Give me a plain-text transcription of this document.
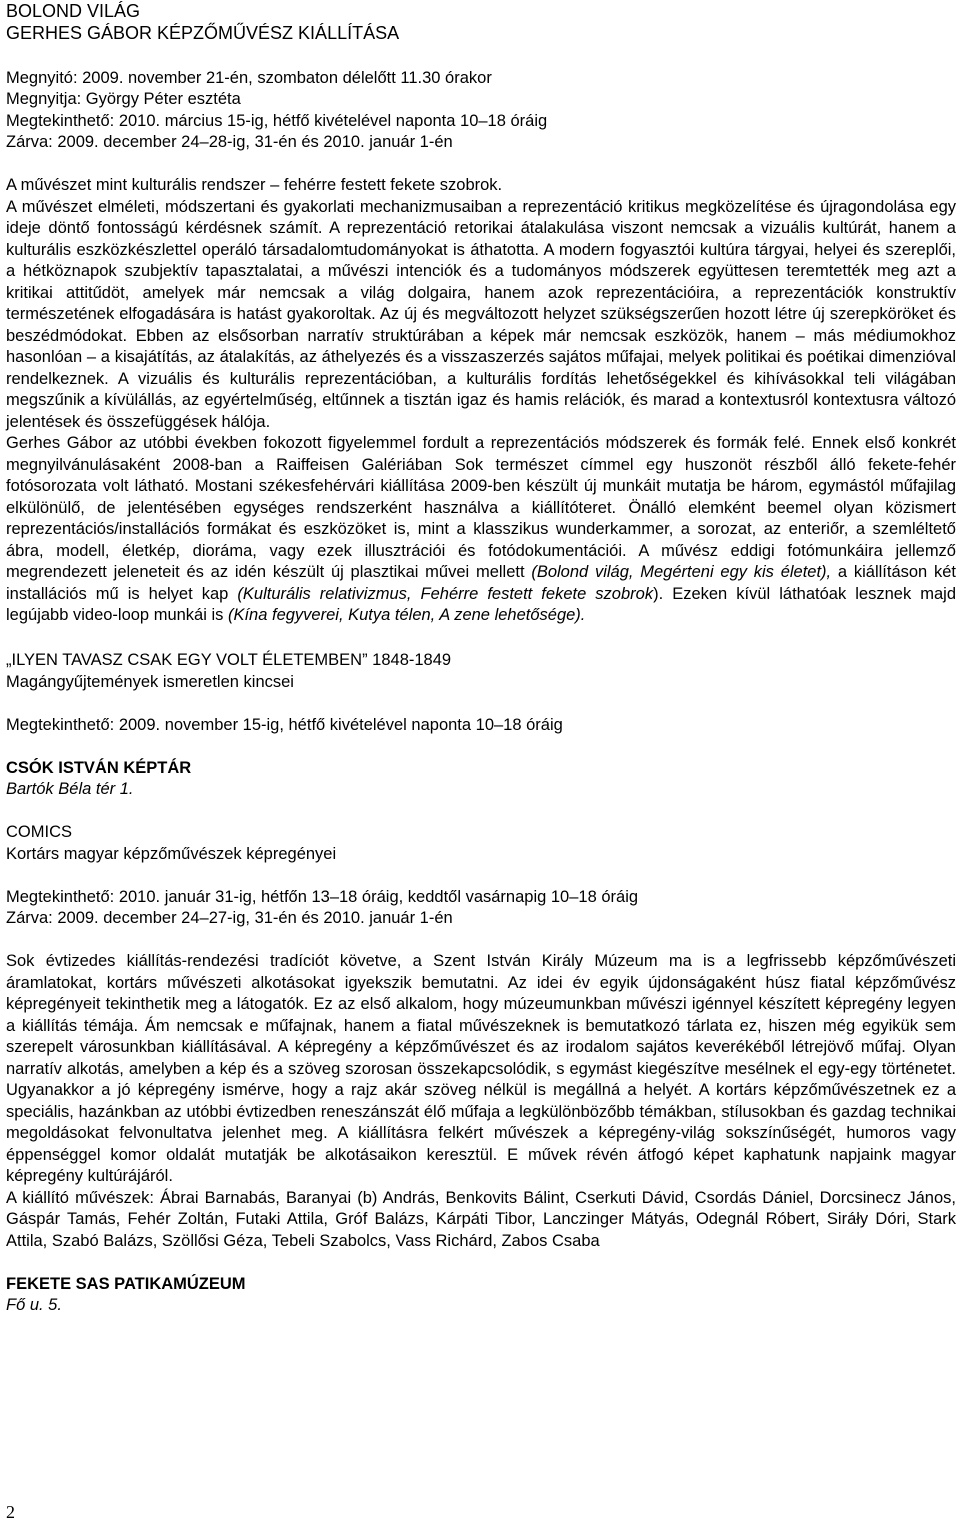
BOLOND VILÁG
GERHES GÁBOR KÉPZŐMŰVÉSZ KIÁLLÍTÁSA
Megnyitó: 2009. november 21-én, szombaton délelőtt 11.30 órakor
Megnyitja: György Péter esztéta
Megtekinthető: 2010. március 15-ig, hétfő kivételével naponta 10–18 óráig
Zárva: 2009. december 24–28-ig, 31-én és 2010. január 1-én
A művészet mint kulturális rendszer – fehérre festett fekete szobrok.

A művészet elméleti, módszertani és gyakorlati mechanizmusaiban a reprezentáció kritikus megközelítése és újragondolása egy ideje döntő fontosságú kérdésnek számít. A reprezentáció retorikai átalakulása viszont nemcsak a vizuális kultúrát, hanem a kulturális eszközkészlettel operáló társadalomtudományokat is áthatotta. A modern fogyasztói kultúra tárgyai, helyei és szereplői, a hétköznapok szubjektív tapasztalatai, a művészi intenciók és a tudományos módszerek együttesen teremtették meg azt a kritikai attitűdöt, amelyek már nemcsak a világ dolgaira, hanem azok reprezentációira, a reprezentációk konstruktív természetének elfogadására is hatást gyakoroltak. Az új és megváltozott helyzet szükségszerűen hozott létre új szerepköröket és beszédmódokat. Ebben az elsősorban narratív struktúrában a képek már nemcsak eszközök, hanem – más médiumokhoz hasonlóan – a kisajátítás, az átalakítás, az áthelyezés és a visszaszerzés sajátos műfajai, melyek politikai és poétikai dimenzióval rendelkeznek. A vizuális és kulturális reprezentációban, a kulturális fordítás lehetőségekkel és kihívásokkal teli világában megszűnik a kívülállás, az egyértelműség, eltűnnek a tisztán igaz és hamis relációk, és marad a kontextusról kontextusra változó jelentések és összefüggések hálója.

Gerhes Gábor az utóbbi években fokozott figyelemmel fordult a reprezentációs módszerek és formák felé. Ennek első konkrét megnyilvánulásaként 2008-ban a Raiffeisen Galériában Sok természet címmel egy huszonöt részből álló fekete-fehér fotósorozata volt látható. Mostani székesfehérvári kiállítása 2009-ben készült új munkáit mutatja be három, egymástól műfajilag elkülönülő, de jelentésében egységes rendszerként használva a kiállítóteret. Önálló elemként beemel olyan közismert reprezentációs/installációs formákat és eszközöket is, mint a klasszikus wunderkammer, a sorozat, az enteriőr, a szemléltető ábra, modell, életkép, dioráma, vagy ezek illusztrációi és fotódokumentációi. A művész eddigi fotómunkáira jellemző megrendezett jeleneteit és az idén készült új plasztikai művei mellett (Bolond világ, Megérteni egy kis életet), a kiállításon két installációs mű is helyet kap (Kulturális relativizmus, Fehérre festett fekete szobrok). Ezeken kívül láthatóak lesznek majd legújabb video-loop munkái is (Kína fegyverei, Kutya télen, A zene lehetősége).

„ILYEN TAVASZ CSAK EGY VOLT ÉLETEMBEN” 1848-1849
Magángyűjtemények ismeretlen kincsei
Megtekinthető: 2009. november 15-ig, hétfő kivételével naponta 10–18 óráig
CSÓK ISTVÁN KÉPTÁR
Bartók Béla tér 1.
COMICS
Kortárs magyar képzőművészek képregényei
Megtekinthető: 2010. január 31-ig, hétfőn 13–18 óráig, keddtől vasárnapig 10–18 óráig
Zárva: 2009. december 24–27-ig, 31-én és 2010. január 1-én

Sok évtizedes kiállítás-rendezési tradíciót követve, a Szent István Király Múzeum ma is a legfrissebb képzőművészeti áramlatokat, kortárs művészeti alkotásokat igyekszik bemutatni. Az idei év egyik újdonságaként húsz fiatal képzőművész képregényeit tekinthetik meg a látogatók. Ez az első alkalom, hogy múzeumunkban művészi igénnyel készített képregény legyen a kiállítás témája. Ám nemcsak e műfajnak, hanem a fiatal művészeknek is bemutatkozó tárlata ez, hiszen még egyikük sem szerepelt városunkban kiállításával. A képregény a képzőművészet és az irodalom sajátos keverékéből létrejövő műfaj. Olyan narratív alkotás, amelyben a kép és a szöveg szorosan összekapcsolódik, s egymást kiegészítve mesélnek el egy-egy történetet. Ugyanakkor a jó képregény ismérve, hogy a rajz akár szöveg nélkül is megállná a helyét. A kortárs képzőművészetnek ez a speciális, hazánkban az utóbbi évtizedben reneszánszát élő műfaja a legkülönbözőbb témákban, stílusokban és gazdag technikai megoldásokat felvonultatva jelenhet meg. A kiállításra felkért művészek a képregény-világ sokszínűségét, humoros vagy éppenséggel komor oldalát mutatják be alkotásaikon keresztül. E művek révén átfogó képet kaphatunk napjaink magyar képregény kultúrájáról.

A kiállító művészek: Ábrai Barnabás, Baranyai (b) András, Benkovits Bálint, Cserkuti Dávid, Csordás Dániel, Dorcsinecz János, Gáspár Tamás, Fehér Zoltán, Futaki Attila, Gróf Balázs, Kárpáti Tibor, Lanczinger Mátyás, Odegnál Róbert, Siráły Dóri, Stark Attila, Szabó Balázs, Szöllősi Géza, Tebeli Szabolcs, Vass Richárd, Zabos Csaba

FEKETE SAS PATIKAMÚZEUM
Fő u. 5.
2
